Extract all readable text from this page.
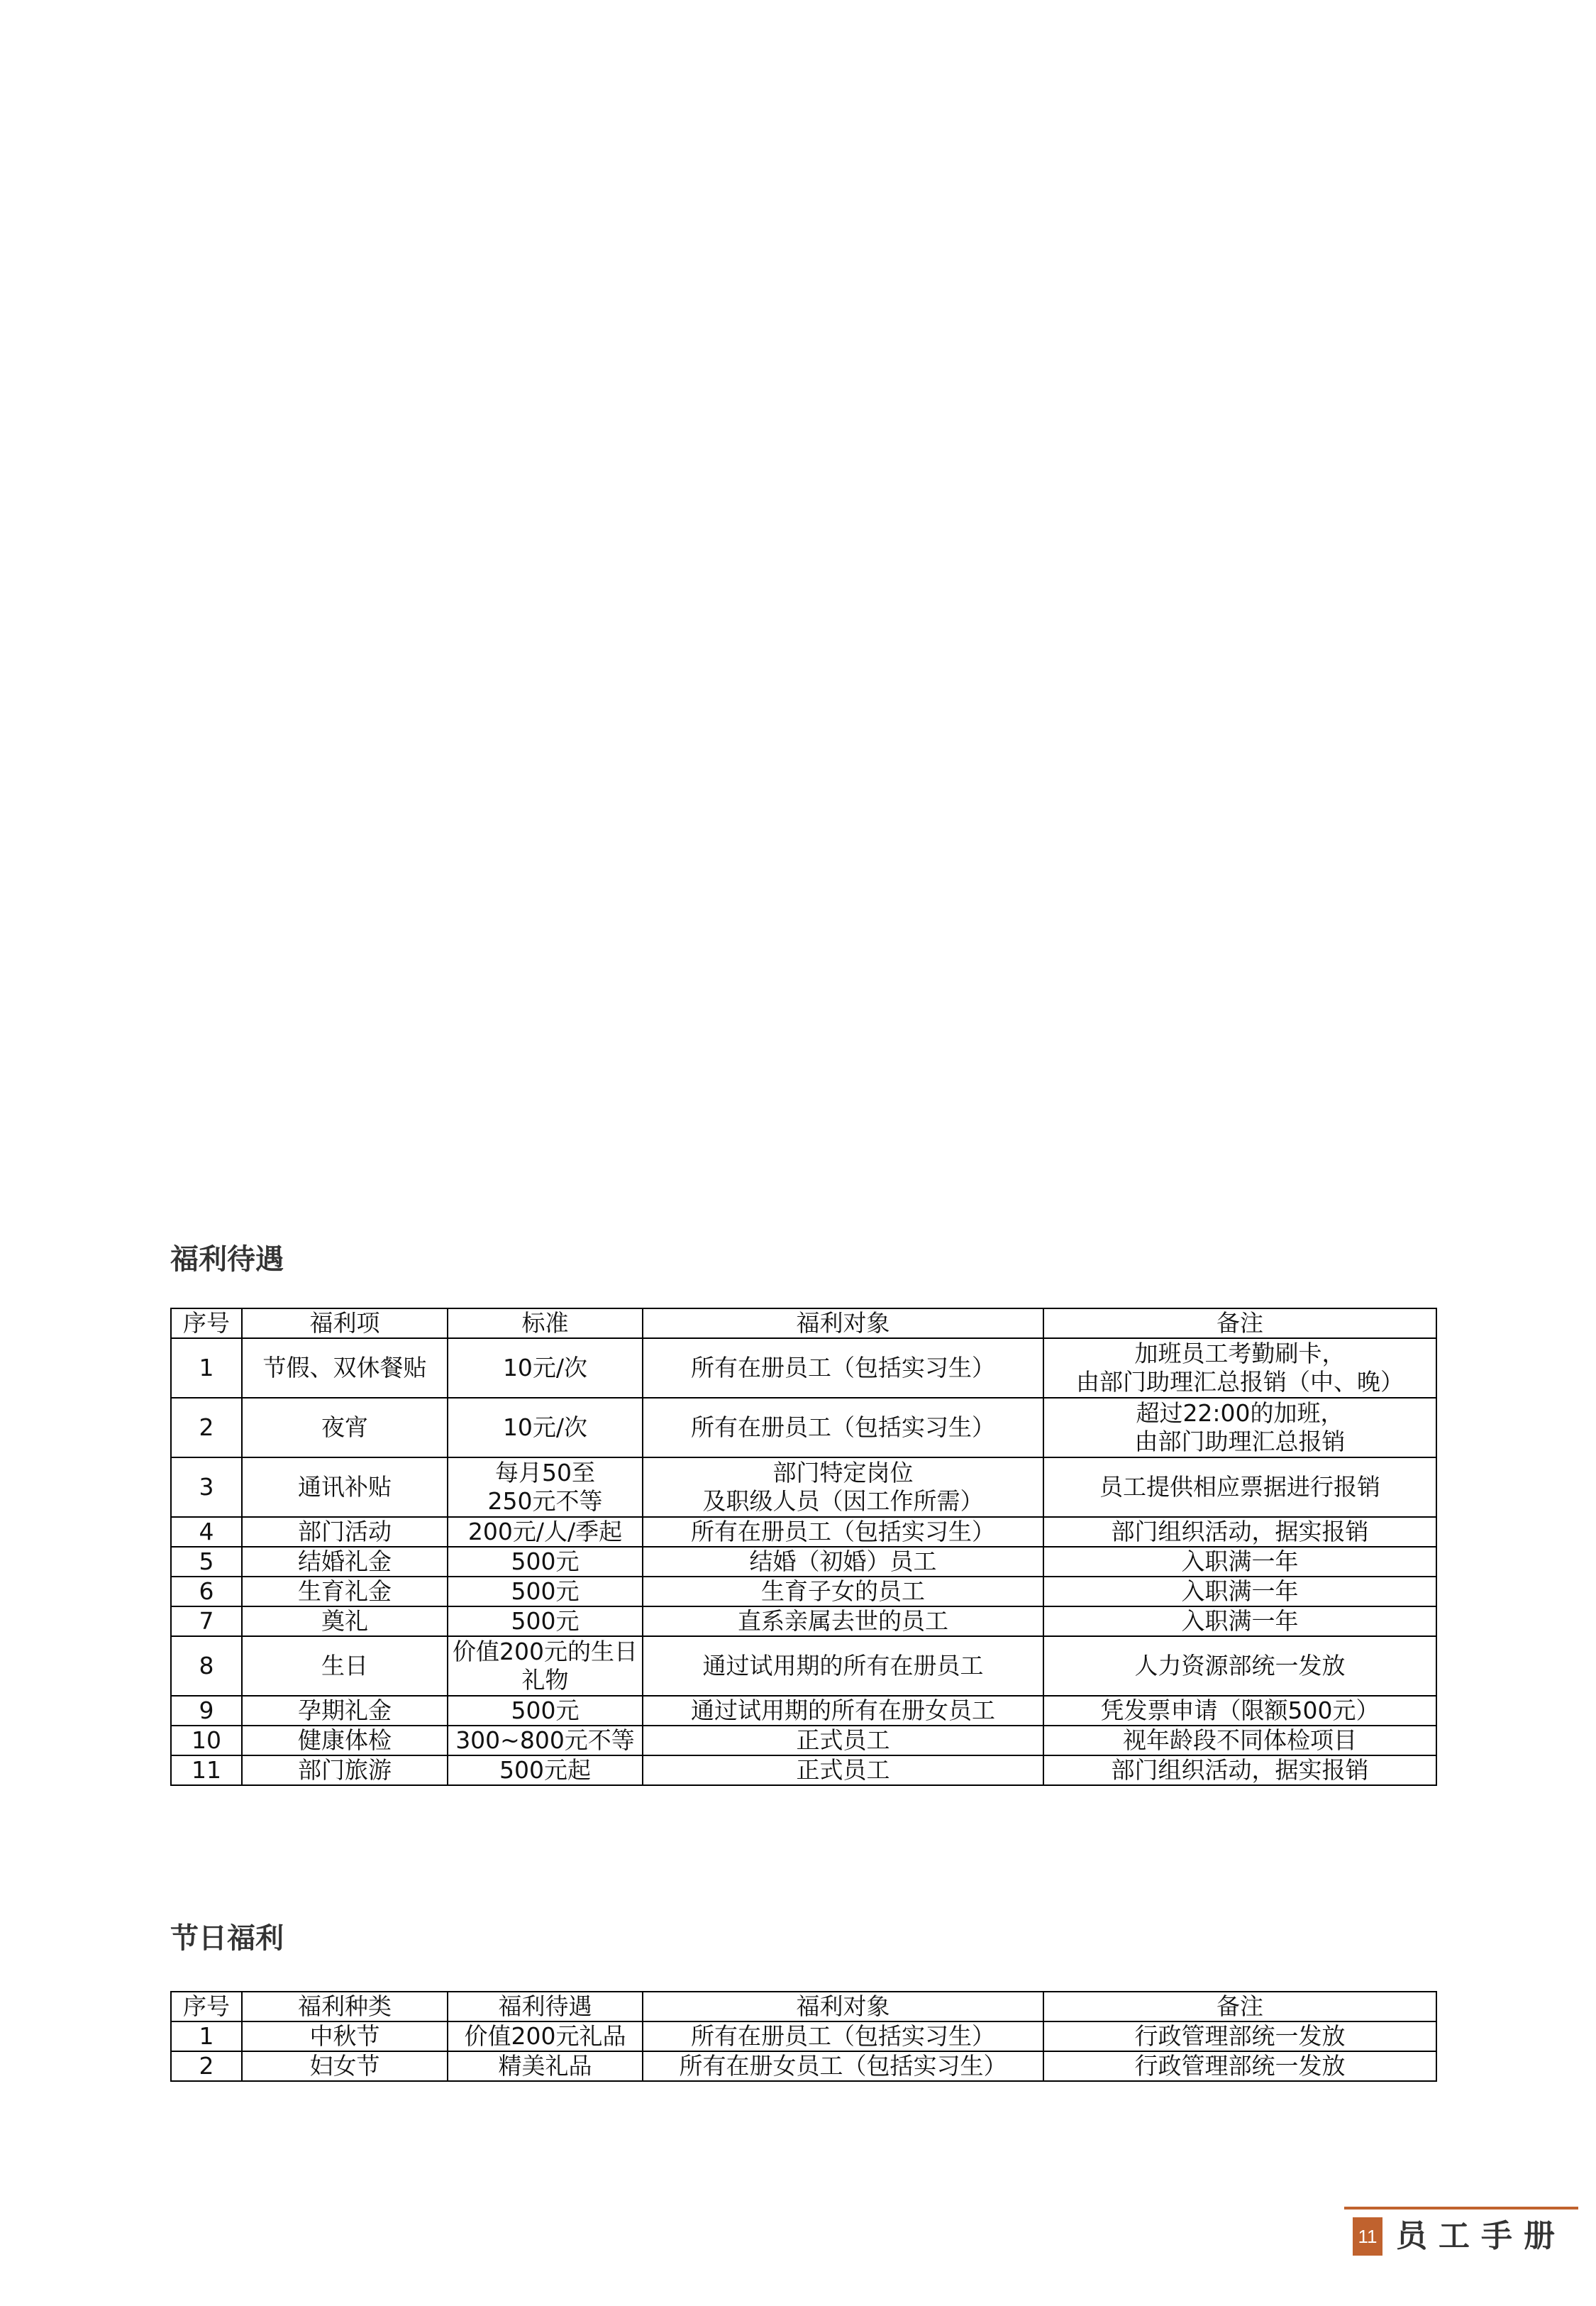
福利待遇
序号	福利项	标准	福利对象	备注
1	节假、双休餐贴	10元/次	所有在册员工（包括实习生）	加班员工考勤刷卡，
由部门助理汇总报销（中、晚）
2	夜宵	10元/次	所有在册员工（包括实习生）	超过22:00的加班，
由部门助理汇总报销
3	通讯补贴	每月50至
250元不等	部门特定岗位
及职级人员（因工作所需）	员工提供相应票据进行报销
4	部门活动	200元/人/季起	所有在册员工（包括实习生）	部门组织活动，据实报销
5	结婚礼金	500元	结婚（初婚）员工	入职满一年
6	生育礼金	500元	生育子女的员工	入职满一年
7	奠礼	500元	直系亲属去世的员工	入职满一年
8	生日	价值200元的生日
礼物	通过试用期的所有在册员工	人力资源部统一发放
9	孕期礼金	500元	通过试用期的所有在册女员工	凭发票申请（限额500元）
10	健康体检	300~800元不等	正式员工	视年龄段不同体检项目
11	部门旅游	500元起	正式员工	部门组织活动，据实报销
节日福利
序号	福利种类	福利待遇	福利对象	备注
1	中秋节	价值200元礼品	所有在册员工（包括实习生）	行政管理部统一发放
2	妇女节	精美礼品	所有在册女员工（包括实习生）	行政管理部统一发放
11 员工手册
